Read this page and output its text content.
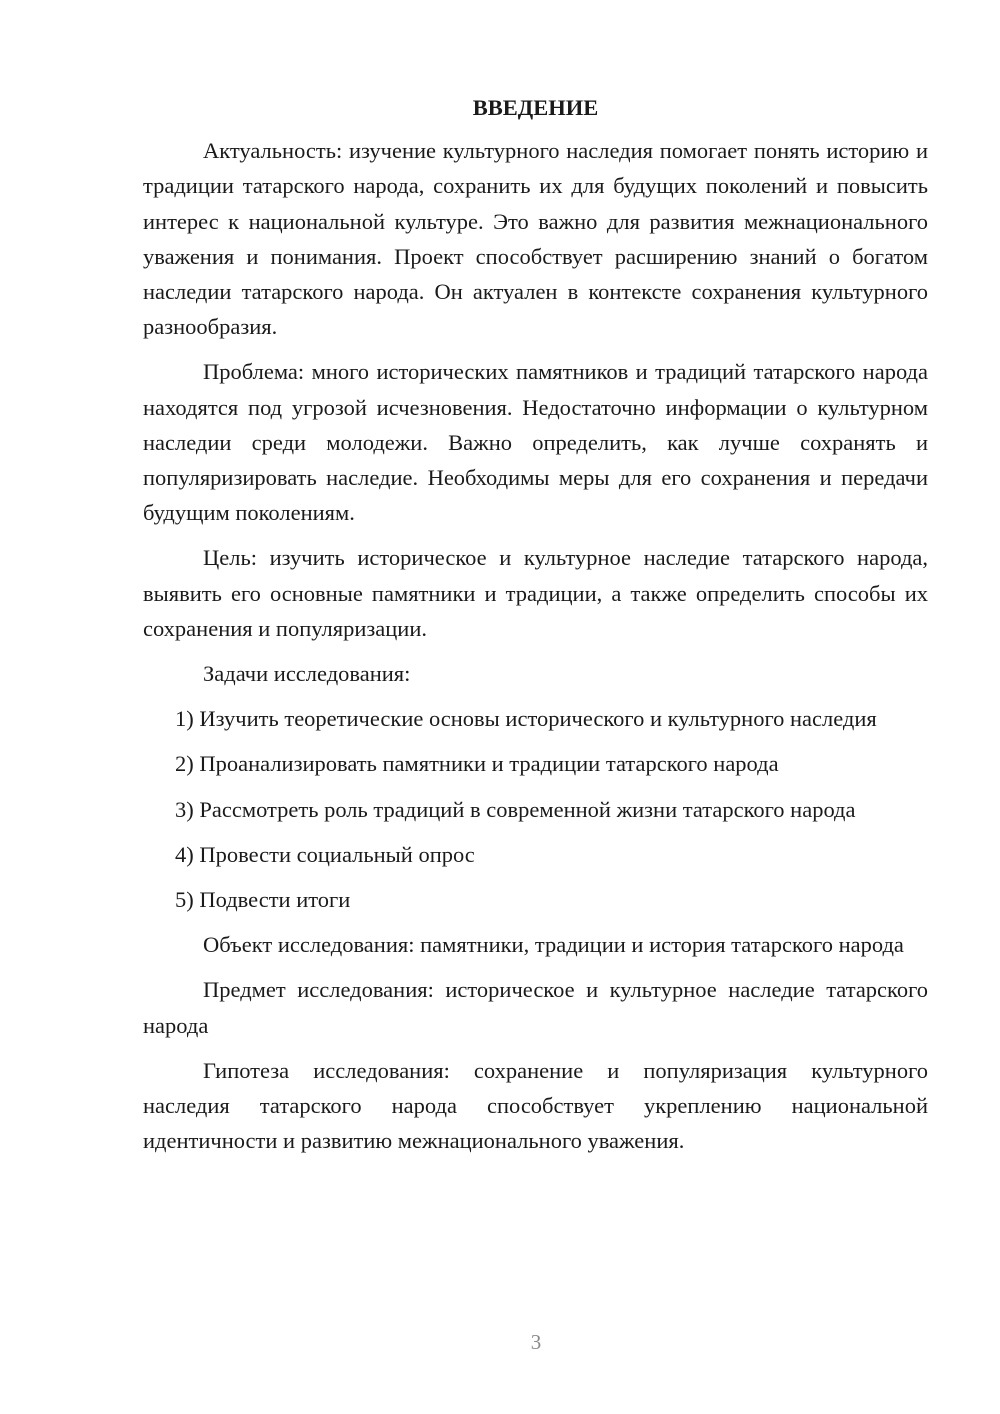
ВВЕДЕНИЕ

Актуальность: изучение культурного наследия помогает понять историю и традиции татарского народа, сохранить их для будущих поколений и повысить интерес к национальной культуре. Это важно для развития межнационального уважения и понимания. Проект способствует расширению знаний о богатом наследии татарского народа. Он актуален в контексте сохранения культурного разнообразия.

Проблема: много исторических памятников и традиций татарского народа находятся под угрозой исчезновения. Недостаточно информации о культурном наследии среди молодежи. Важно определить, как лучше сохранять и популяризировать наследие. Необходимы меры для его сохранения и передачи будущим поколениям.

Цель: изучить историческое и культурное наследие татарского народа, выявить его основные памятники и традиции, а также определить способы их сохранения и популяризации.

Задачи исследования:

1) Изучить теоретические основы исторического и культурного наследия

2) Проанализировать памятники и традиции татарского народа

3) Рассмотреть роль традиций в современной жизни татарского народа

4) Провести социальный опрос

5) Подвести итоги

Объект исследования: памятники, традиции и история татарского народа

Предмет исследования: историческое и культурное наследие татарского народа

Гипотеза исследования: сохранение и популяризация культурного наследия татарского народа способствует укреплению национальной идентичности и развитию межнационального уважения.

3
